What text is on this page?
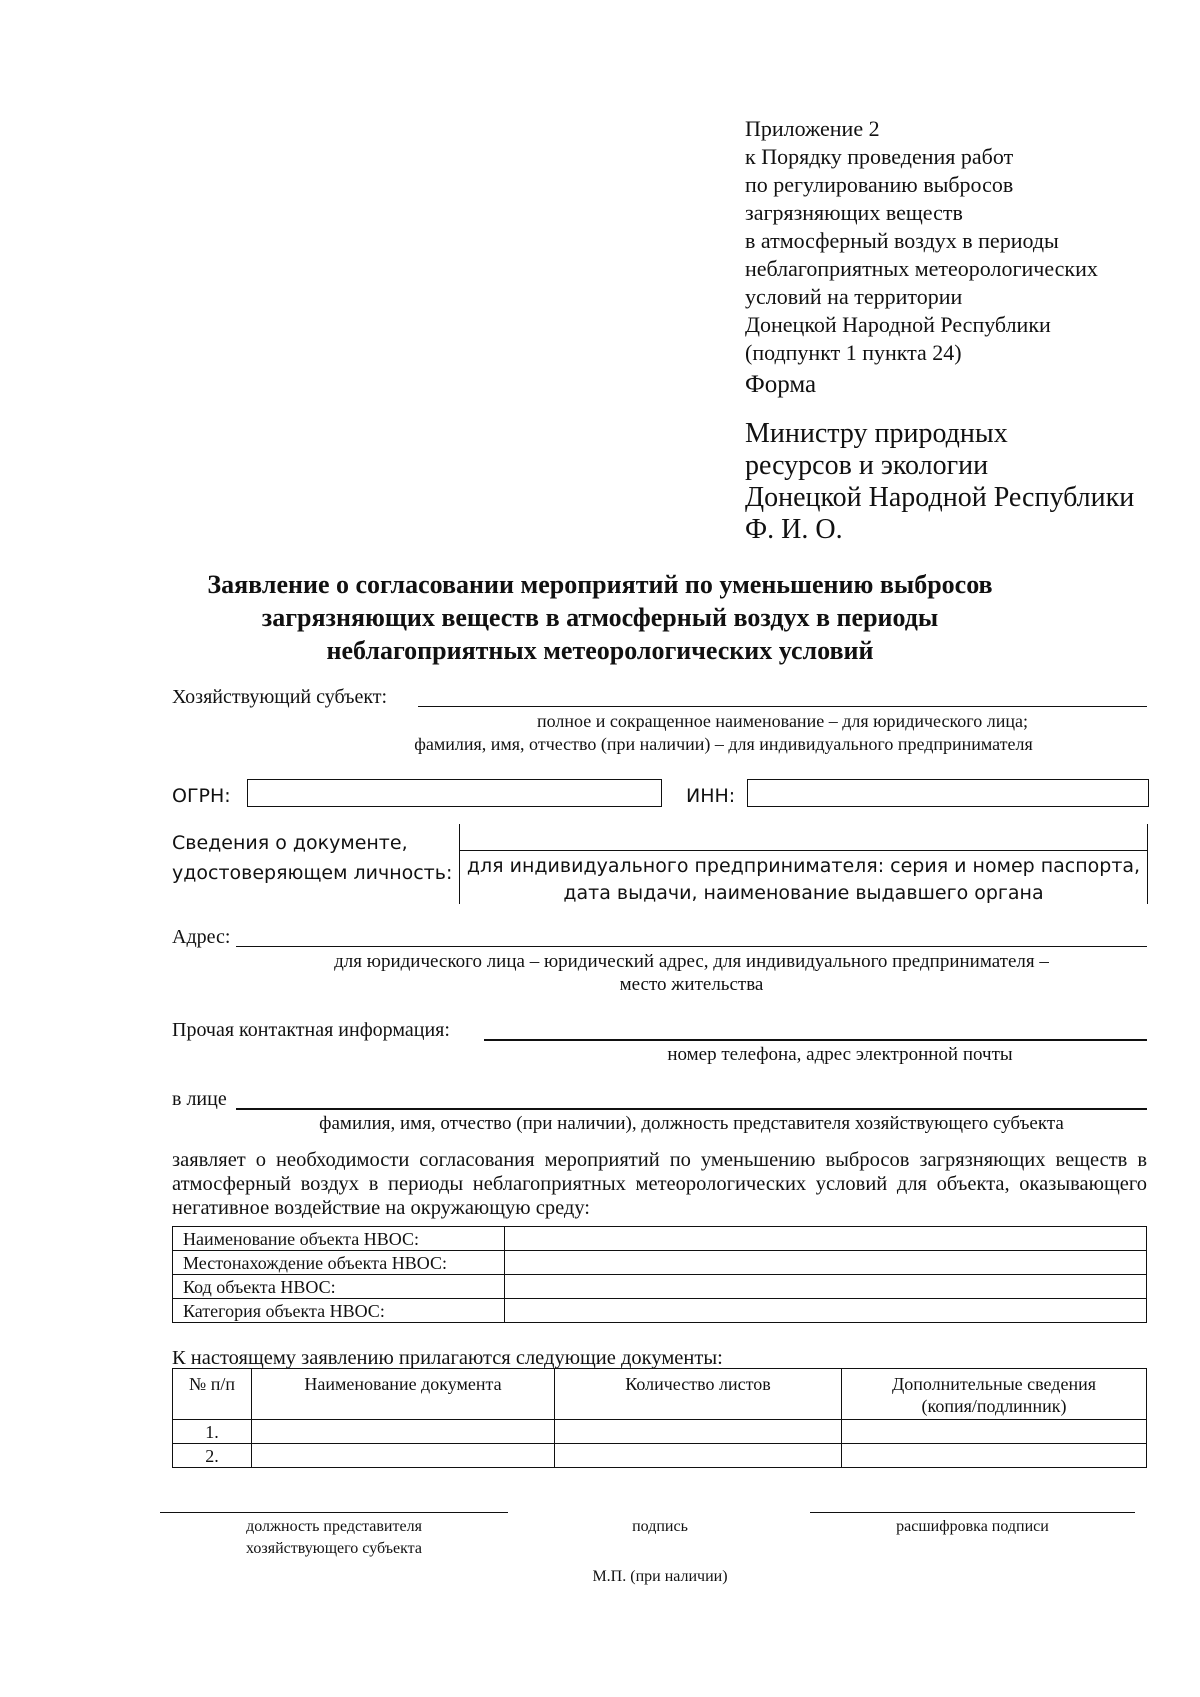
Приложение 2
к Порядку проведения работ
по регулированию выбросов
загрязняющих веществ
в атмосферный воздух в периоды
неблагоприятных метеорологических
условий на территории
Донецкой Народной Республики
(подпункт 1 пункта 24)
Форма
Министру природных
ресурсов и экологии
Донецкой Народной Республики
Ф. И. О.
Заявление о согласовании мероприятий по уменьшению выбросов
загрязняющих веществ в атмосферный воздух в периоды
неблагоприятных метеорологических условий
Хозяйствующий субъект:
полное и сокращенное наименование – для юридического лица;
фамилия, имя, отчество (при наличии) – для индивидуального предпринимателя
ОГРН:	ИНН:
Сведения о документе,
удостоверяющем личность: для индивидуального предпринимателя: серия и номер паспорта,
дата выдачи, наименование выдавшего органа
Адрес:
для юридического лица – юридический адрес, для индивидуального предпринимателя –
место жительства
Прочая контактная информация:
номер телефона, адрес электронной почты
в лице
фамилия, имя, отчество (при наличии), должность представителя хозяйствующего субъекта
заявляет о необходимости согласования мероприятий по уменьшению выбросов загрязняющих веществ в атмосферный воздух в периоды неблагоприятных метеорологических условий для объекта, оказывающего негативное воздействие на окружающую среду:
Наименование объекта НВОС:	
Местонахождение объекта НВОС:	
Код объекта НВОС:	
Категория объекта НВОС:	
К настоящему заявлению прилагаются следующие документы:
№ п/п	Наименование документа	Количество листов	Дополнительные сведения
(копия/подлинник)

1.			
2.			
должность представителя
хозяйствующего субъекта
подпись	расшифровка подписи
М.П. (при наличии)
